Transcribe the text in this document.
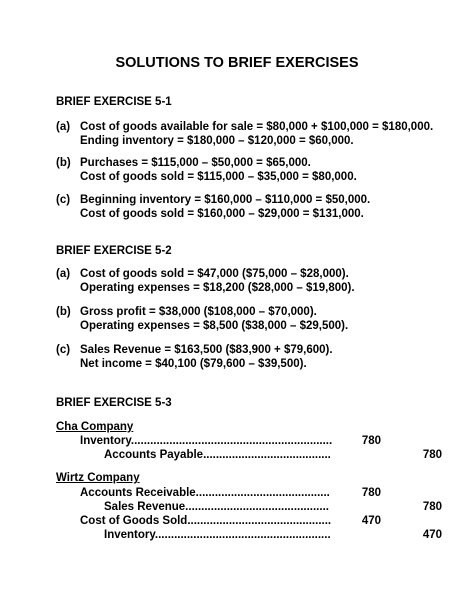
SOLUTIONS TO BRIEF EXERCISES
BRIEF EXERCISE 5-1
(a) Cost of goods available for sale = $80,000 + $100,000 = $180,000.
Ending inventory = $180,000 – $120,000 = $60,000.
(b) Purchases = $115,000 – $50,000 = $65,000.
Cost of goods sold = $115,000 – $35,000 = $80,000.
(c) Beginning inventory = $160,000 – $110,000 = $50,000.
Cost of goods sold = $160,000 – $29,000 = $131,000.
BRIEF EXERCISE 5-2
(a) Cost of goods sold = $47,000 ($75,000 – $28,000).
Operating expenses = $18,200 ($28,000 – $19,800).
(b) Gross profit = $38,000 ($108,000 – $70,000).
Operating expenses = $8,500 ($38,000 – $29,500).
(c) Sales Revenue = $163,500 ($83,900 + $79,600).
Net income = $40,100 ($79,600 – $39,500).
BRIEF EXERCISE 5-3
Cha Company
Inventory...............................................................	780
Accounts Payable........................................	780
Wirtz Company
Accounts Receivable..........................................	780
Sales Revenue.............................................	780
Cost of Goods Sold.............................................	470
Inventory.......................................................	470
